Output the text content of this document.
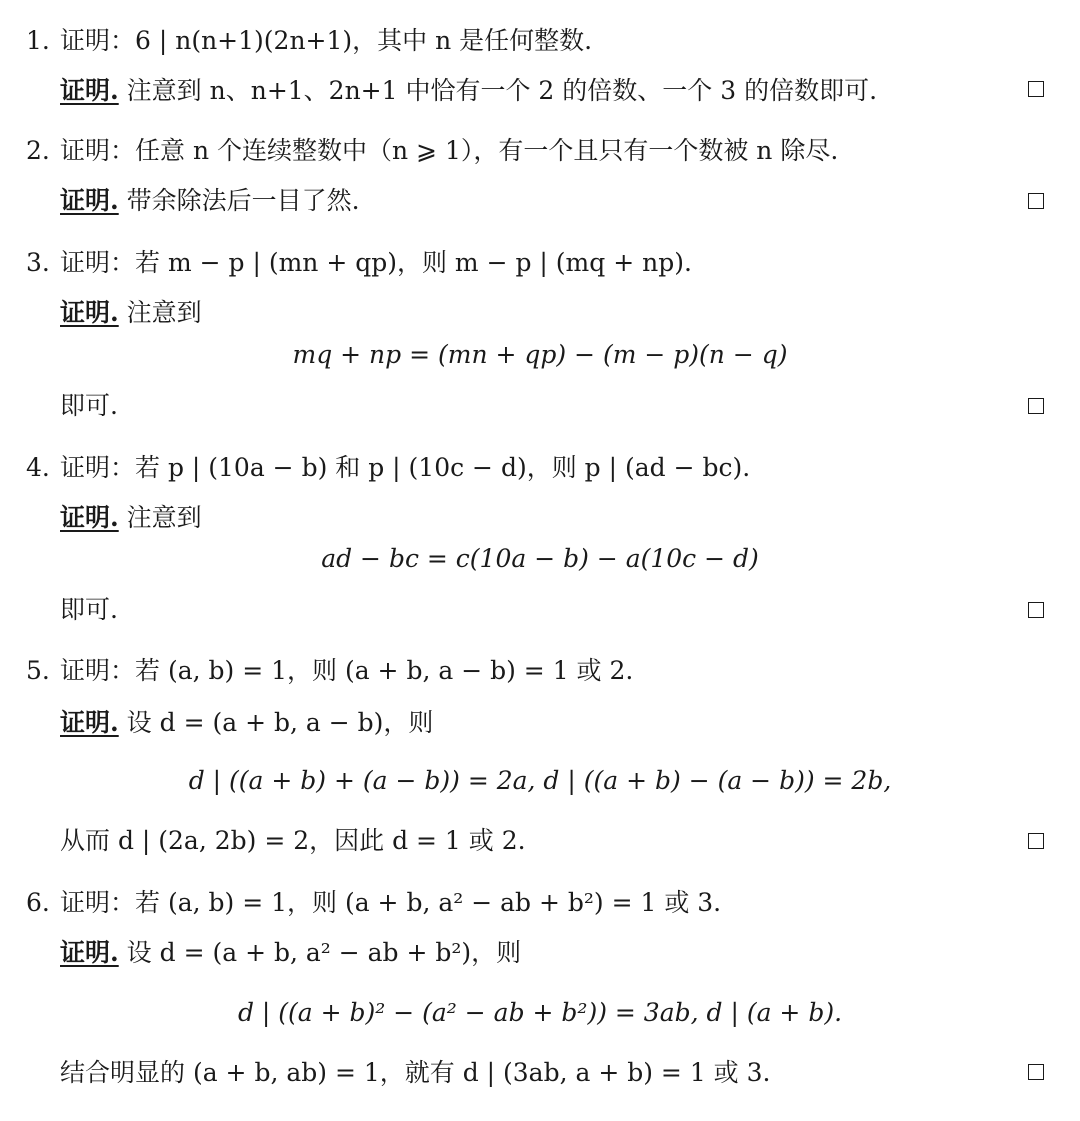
1. 证明：6 | n(n+1)(2n+1)，其中 n 是任何整数.
证明. 注意到 n、n+1、2n+1 中恰有一个 2 的倍数、一个 3 的倍数即可.
2. 证明：任意 n 个连续整数中（n ⩾ 1），有一个且只有一个数被 n 除尽.
证明. 带余除法后一目了然.
3. 证明：若 m − p | (mn + qp)，则 m − p | (mq + np).
证明. 注意到
mq + np = (mn + qp) − (m − p)(n − q)
即可.
4. 证明：若 p | (10a − b) 和 p | (10c − d)，则 p | (ad − bc).
证明. 注意到
ad − bc = c(10a − b) − a(10c − d)
即可.
5. 证明：若 (a, b) = 1，则 (a + b, a − b) = 1 或 2.
证明. 设 d = (a + b, a − b)，则
d | ((a + b) + (a − b)) = 2a, d | ((a + b) − (a − b)) = 2b,
从而 d | (2a, 2b) = 2，因此 d = 1 或 2.
6. 证明：若 (a, b) = 1，则 (a + b, a² − ab + b²) = 1 或 3.
证明. 设 d = (a + b, a² − ab + b²)，则
d | ((a + b)² − (a² − ab + b²)) = 3ab, d | (a + b).
结合明显的 (a + b, ab) = 1，就有 d | (3ab, a + b) = 1 或 3.
